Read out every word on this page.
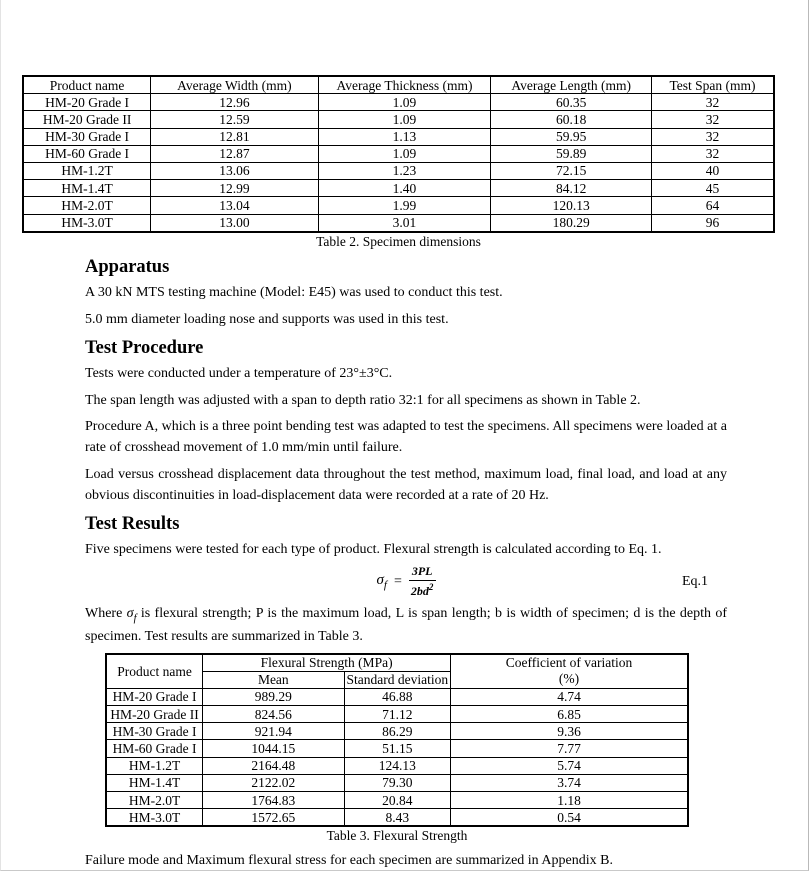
Product name	Average Width (mm)	Average Thickness (mm)	Average Length (mm)	Test Span (mm)
HM-20 Grade I	12.96	1.09	60.35	32
HM-20 Grade II	12.59	1.09	60.18	32
HM-30 Grade I	12.81	1.13	59.95	32
HM-60 Grade I	12.87	1.09	59.89	32
HM-1.2T	13.06	1.23	72.15	40
HM-1.4T	12.99	1.40	84.12	45
HM-2.0T	13.04	1.99	120.13	64
HM-3.0T	13.00	3.01	180.29	96
Table 2. Specimen dimensions
Apparatus

A 30 kN MTS testing machine (Model: E45) was used to conduct this test.

5.0 mm diameter loading nose and supports was used in this test.

Test Procedure

Tests were conducted under a temperature of 23°±3°C.

The span length was adjusted with a span to depth ratio 32:1 for all specimens as shown in Table 2.

Procedure A, which is a three point bending test was adapted to test the specimens. All specimens were loaded at a rate of crosshead movement of 1.0 mm/min until failure.

Load versus crosshead displacement data throughout the test method, maximum load, final load, and load at any obvious discontinuities in load-displacement data were recorded at a rate of 20 Hz.

Test Results

Five specimens were tested for each type of product. Flexural strength is calculated according to Eq. 1.

$\sigma_f = \frac{3PL}{2bd^2}$	Eq.1

Where $\sigma_f$ is flexural strength; P is the maximum load, L is span length; b is width of specimen; d is the depth of specimen. Test results are summarized in Table 3.

Product name	Flexural Strength (MPa)		Coefficient of variation
(%)

	Mean	Standard deviation	
HM-20 Grade I	989.29	46.88	4.74
HM-20 Grade II	824.56	71.12	6.85
HM-30 Grade I	921.94	86.29	9.36
HM-60 Grade I	1044.15	51.15	7.77
HM-1.2T	2164.48	124.13	5.74
HM-1.4T	2122.02	79.30	3.74
HM-2.0T	1764.83	20.84	1.18
HM-3.0T	1572.65	8.43	0.54
Table 3. Flexural Strength

Failure mode and Maximum flexural stress for each specimen are summarized in Appendix B.
